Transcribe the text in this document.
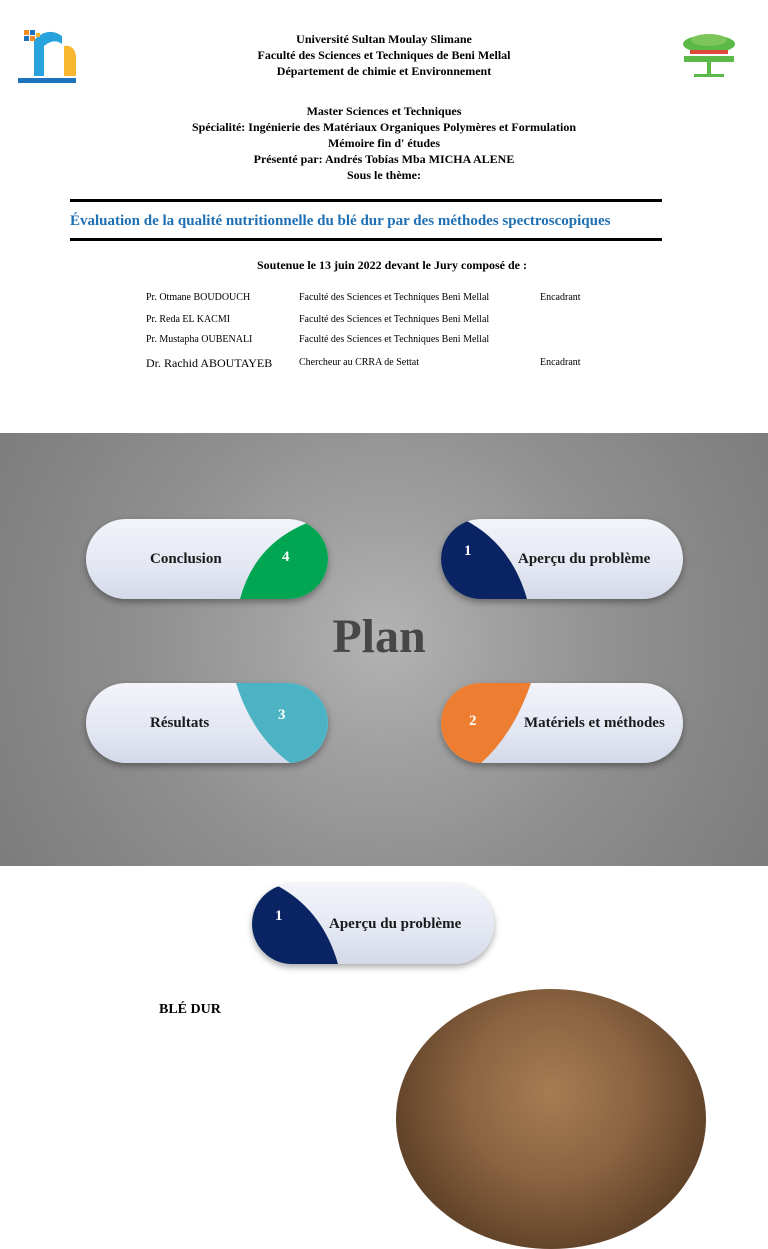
Université Sultan Moulay Slimane
Faculté des Sciences et Techniques de Beni Mellal
Département de chimie et Environnement
Master Sciences et Techniques
Spécialité: Ingénierie des Matériaux Organiques Polymères et Formulation
Mémoire fin d' études
Présenté par: Andrés Tobías Mba MICHA ALENE
Sous le thème:
Évaluation de la qualité nutritionnelle du blé dur par des méthodes spectroscopiques
Soutenue le 13 juin 2022 devant le Jury composé de :
Pr. Otmane BOUDOUCH	Faculté des Sciences et Techniques Beni Mellal	Encadrant
Pr. Reda EL KACMI	Faculté des Sciences et Techniques Beni Mellal
Pr. Mustapha OUBENALI	Faculté des Sciences et Techniques Beni Mellal
Dr. Rachid ABOUTAYEB	Chercheur au CRRA de Settat	Encadrant
Plan
Conclusion	4	1	Aperçu du problème
Résultats	3	2	Matériels et méthodes
1	Aperçu du problème
BLÉ DUR
